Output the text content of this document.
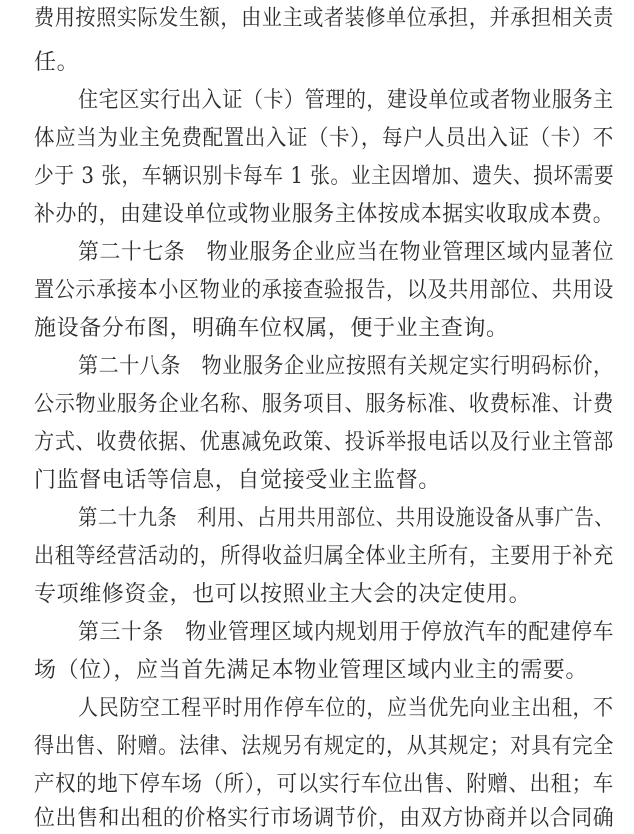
费用按照实际发生额，由业主或者装修单位承担，并承担相关责
任。
住宅区实行出入证（卡）管理的，建设单位或者物业服务主
体应当为业主免费配置出入证（卡），每户人员出入证（卡）不
少于 3 张，车辆识别卡每车 1 张。业主因增加、遗失、损坏需要
补办的，由建设单位或物业服务主体按成本据实收取成本费。
第二十七条　物业服务企业应当在物业管理区域内显著位
置公示承接本小区物业的承接查验报告，以及共用部位、共用设
施设备分布图，明确车位权属，便于业主查询。
第二十八条　物业服务企业应按照有关规定实行明码标价，
公示物业服务企业名称、服务项目、服务标准、收费标准、计费
方式、收费依据、优惠减免政策、投诉举报电话以及行业主管部
门监督电话等信息，自觉接受业主监督。
第二十九条　利用、占用共用部位、共用设施设备从事广告、
出租等经营活动的，所得收益归属全体业主所有，主要用于补充
专项维修资金，也可以按照业主大会的决定使用。
第三十条　物业管理区域内规划用于停放汽车的配建停车
场（位），应当首先满足本物业管理区域内业主的需要。
人民防空工程平时用作停车位的，应当优先向业主出租，不
得出售、附赠。法律、法规另有规定的，从其规定；对具有完全
产权的地下停车场（所），可以实行车位出售、附赠、出租；车
位出售和出租的价格实行市场调节价，由双方协商并以合同确
